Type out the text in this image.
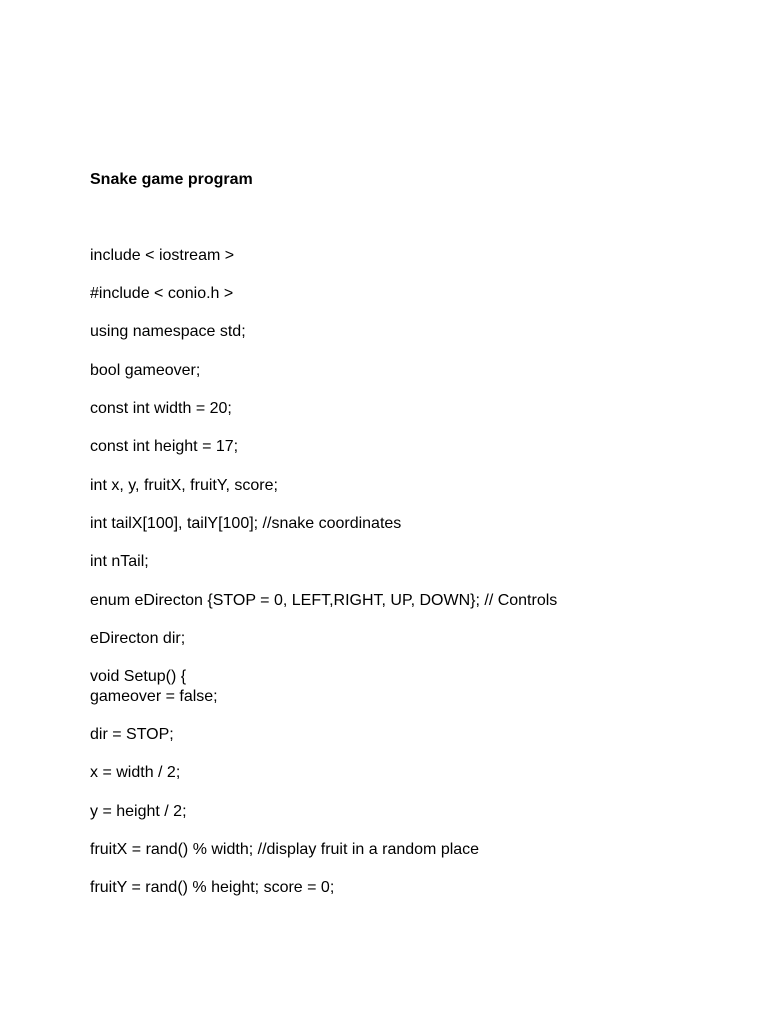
Snake game program
include < iostream >
#include < conio.h >
using namespace std;
bool gameover;
const int width = 20;
const int height = 17;
int x, y, fruitX, fruitY, score;
int tailX[100], tailY[100]; //snake coordinates
int nTail;
enum eDirecton {STOP = 0, LEFT,RIGHT, UP, DOWN}; // Controls
eDirecton dir;
void Setup() {
gameover = false;
dir = STOP;
x = width / 2;
y = height / 2;
fruitX = rand() % width; //display fruit in a random place
fruitY = rand() % height; score = 0;
